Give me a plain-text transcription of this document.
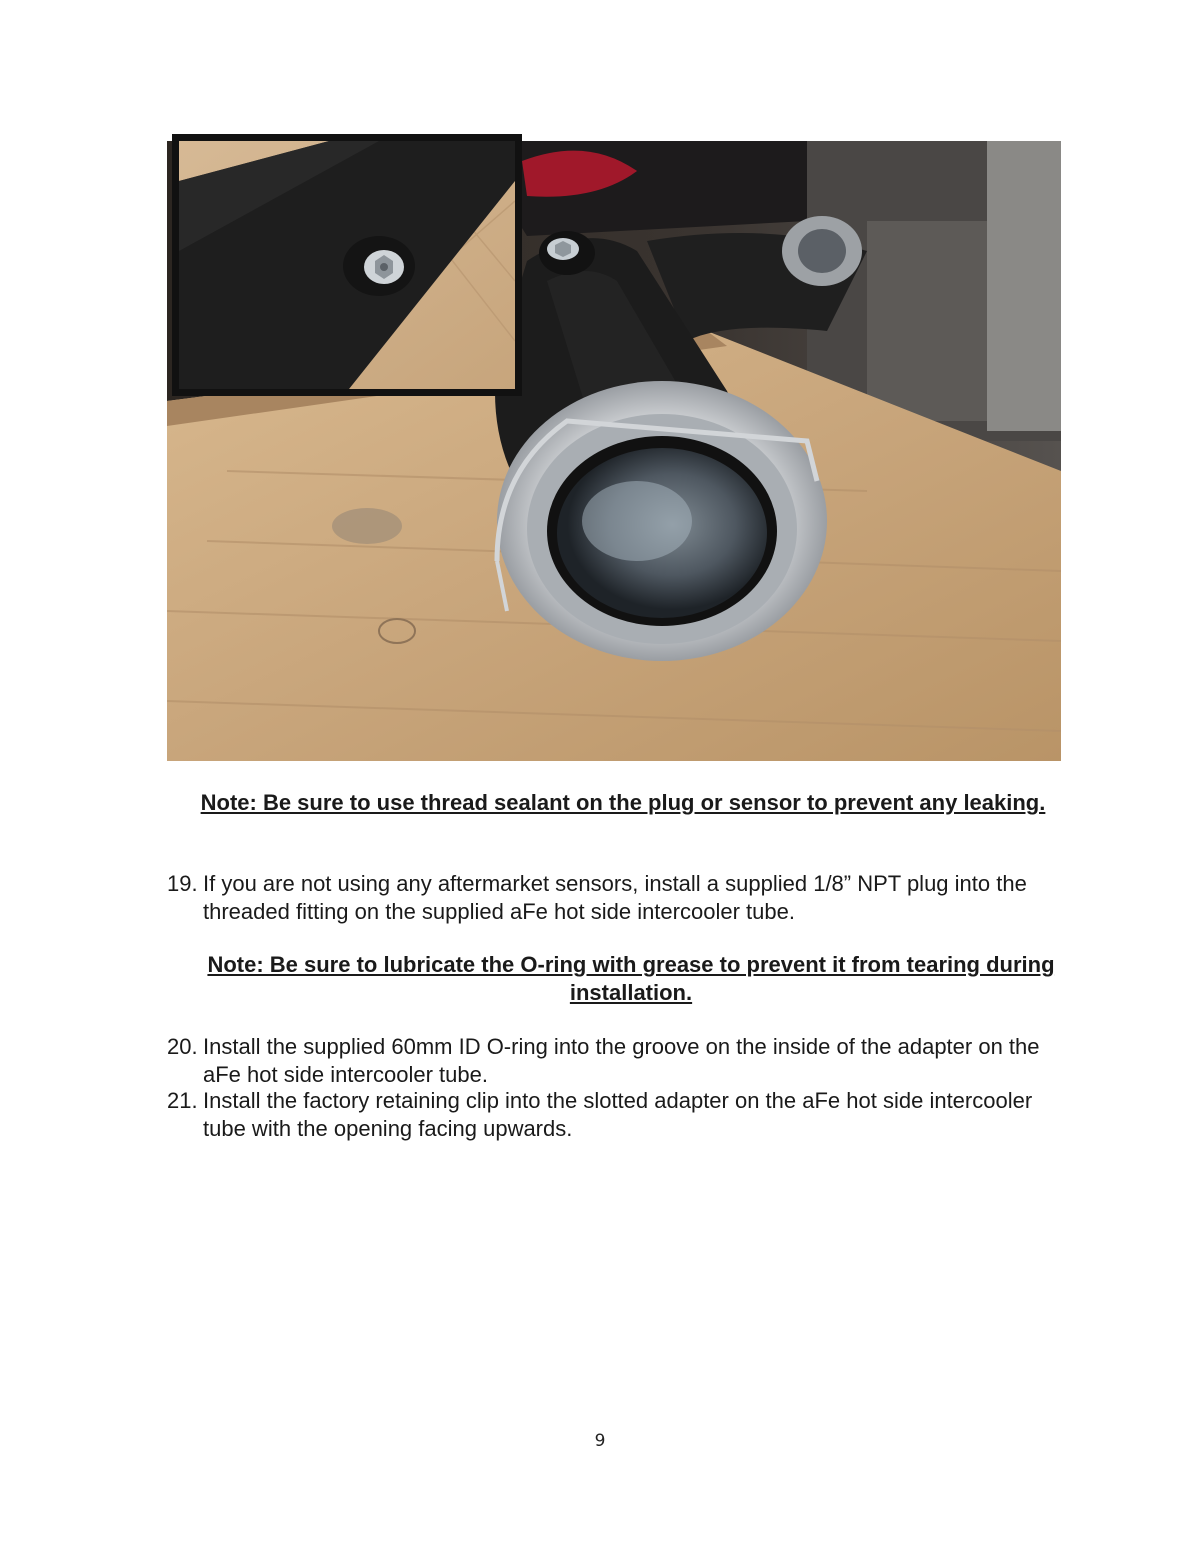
Note: Be sure to use thread sealant on the plug or sensor to prevent any leaking.
19. If you are not using any aftermarket sensors, install a supplied 1/8” NPT plug into the threaded fitting on the supplied aFe hot side intercooler tube.
Note: Be sure to lubricate the O-ring with grease to prevent it from tearing during installation.
20. Install the supplied 60mm ID O-ring into the groove on the inside of the adapter on the aFe hot side intercooler tube.
21. Install the factory retaining clip into the slotted adapter on the aFe hot side intercooler tube with the opening facing upwards.
9
